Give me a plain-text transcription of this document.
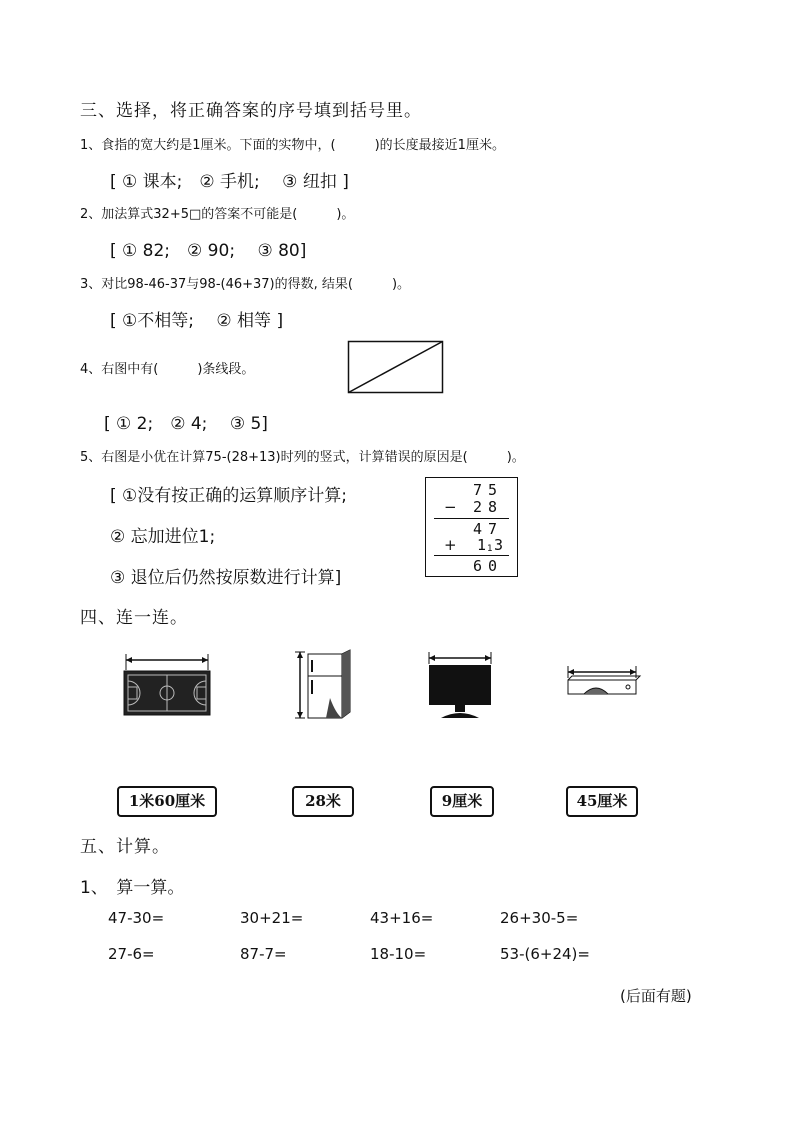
三、选择，将正确答案的序号填到括号里。
1、食指的宽大约是1厘米。下面的实物中，(　　　)的长度最接近1厘米。
[ ① 课本;　② 手机;　 ③ 纽扣 ]
2、加法算式32+5□的答案不可能是(　　　)。
[ ① 82;　② 90;　 ③ 80]
3、对比98-46-37与98-(46+37)的得数, 结果(　　　)。
[ ①不相等;　 ② 相等 ]
4、右图中有(　　　)条线段。
[ ① 2;　② 4;　 ③ 5]
5、右图是小优在计算75-(28+13)时列的竖式，计算错误的原因是(　　　)。
[ ①没有按正确的运算顺序计算;
② 忘加进位1;
③ 退位后仍然按原数进行计算]
75
− 28
47
+ 1 1 3
60
四、连一连。
1米60厘米	28米	9厘米	45厘米
五、计算。
1、　算一算。
47-30=	30+21=	43+16=	26+30-5=
27-6=	87-7=	18-10=	53-(6+24)=
(后面有题)
